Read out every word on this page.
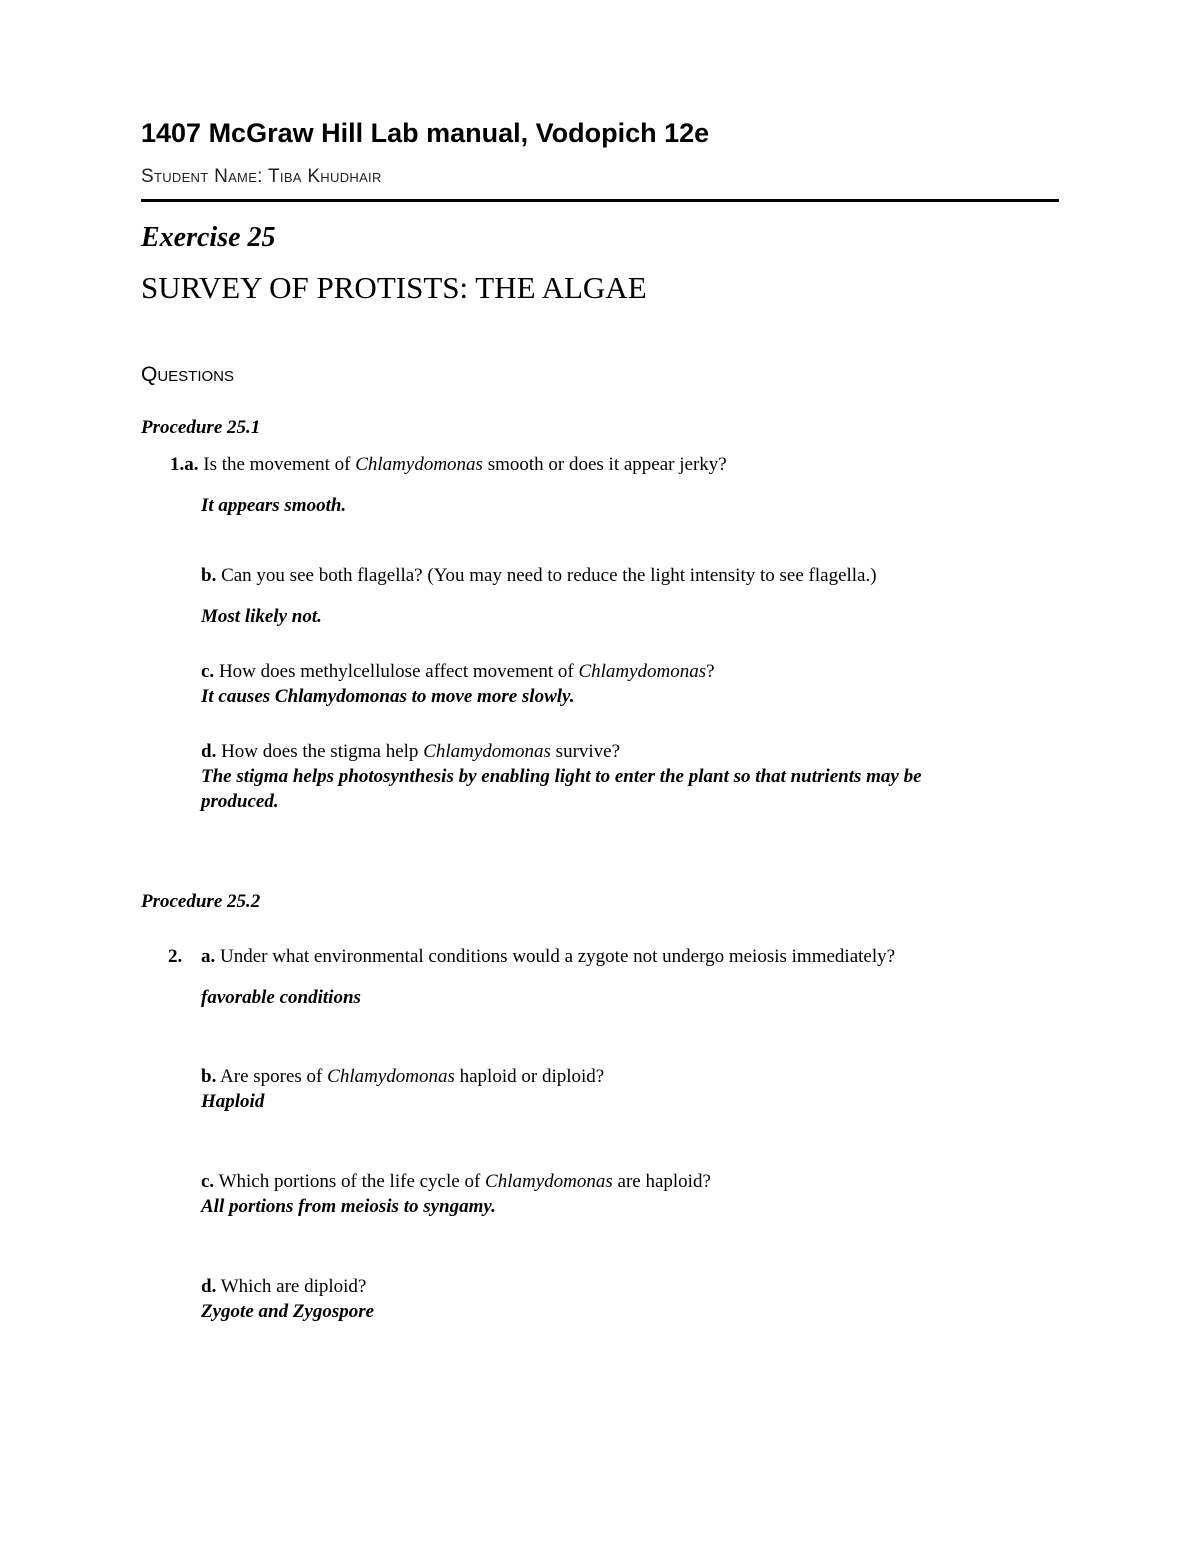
1407 McGraw Hill Lab manual, Vodopich 12e
Student Name: Tiba Khudhair
Exercise 25
SURVEY OF PROTISTS: THE ALGAE
Questions
Procedure 25.1
1.a. Is the movement of Chlamydomonas smooth or does it appear jerky?
It appears smooth.
b. Can you see both flagella? (You may need to reduce the light intensity to see flagella.)
Most likely not.
c. How does methylcellulose affect movement of Chlamydomonas?
It causes Chlamydomonas to move more slowly.
d. How does the stigma help Chlamydomonas survive?
The stigma helps photosynthesis by enabling light to enter the plant so that nutrients may be
produced.
Procedure 25.2
2. a. Under what environmental conditions would a zygote not undergo meiosis immediately?
favorable conditions
b. Are spores of Chlamydomonas haploid or diploid?
Haploid
c. Which portions of the life cycle of Chlamydomonas are haploid?
All portions from meiosis to syngamy.
d. Which are diploid?
Zygote and Zygospore
